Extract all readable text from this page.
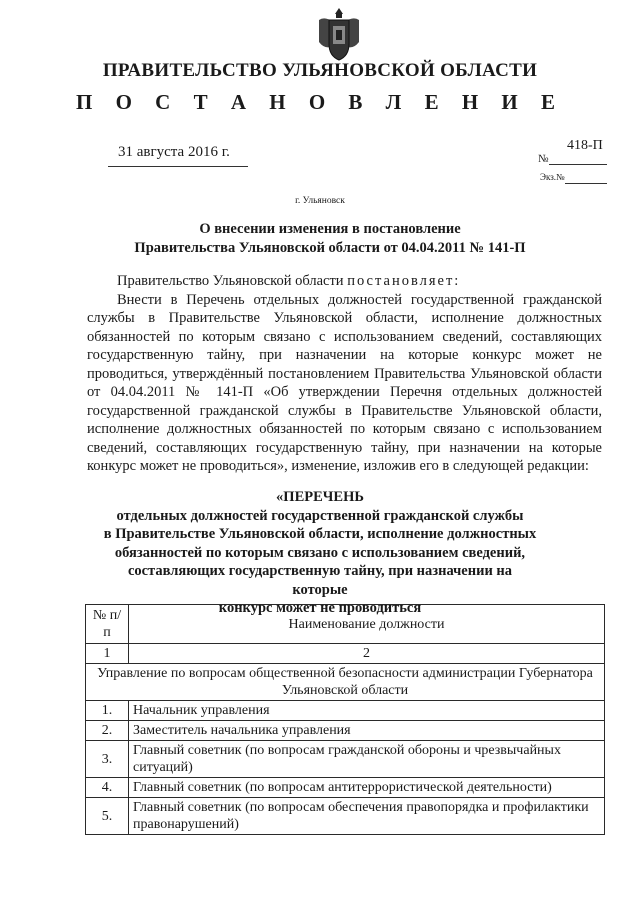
ПРАВИТЕЛЬСТВО УЛЬЯНОВСКОЙ ОБЛАСТИ
П О С Т А Н О В Л Е Н И Е
31 августа 2016 г.	№
418-П
Экз.№
г. Ульяновск
О внесении изменения в постановление
Правительства Ульяновской области от 04.04.2011 № 141-П

Правительство Ульяновской области постановляет:

Внести в Перечень отдельных должностей государственной гражданской службы в Правительстве Ульяновской области, исполнение должностных обязанностей по которым связано с использованием сведений, составляющих государственную тайну, при назначении на которые конкурс может не проводиться, утверждённый постановлением Правительства Ульяновской области от 04.04.2011 № 141-П «Об утверждении Перечня отдельных должностей государственной гражданской службы в Правительстве Ульяновской области, исполнение должностных обязанностей по которым связано с использованием сведений, составляющих государственную тайну, при назначении на которые конкурс может не проводиться», изменение, изложив его в следующей редакции:

«ПЕРЕЧЕНЬ
отдельных должностей государственной гражданской службы
в Правительстве Ульяновской области, исполнение должностных
обязанностей по которым связано с использованием сведений,
составляющих государственную тайну, при назначении на которые
конкурс может не проводиться
№ п/п	Наименование должности
1	2
Управление по вопросам общественной безопасности администрации Губернатора Ульяновской области	
1.	Начальник управления
2.	Заместитель начальника управления
3.	Главный советник (по вопросам гражданской обороны и чрезвычайных ситуаций)
4.	Главный советник (по вопросам антитеррористической деятельности)
5.	Главный советник (по вопросам обеспечения правопорядка и профилактики правонарушений)
